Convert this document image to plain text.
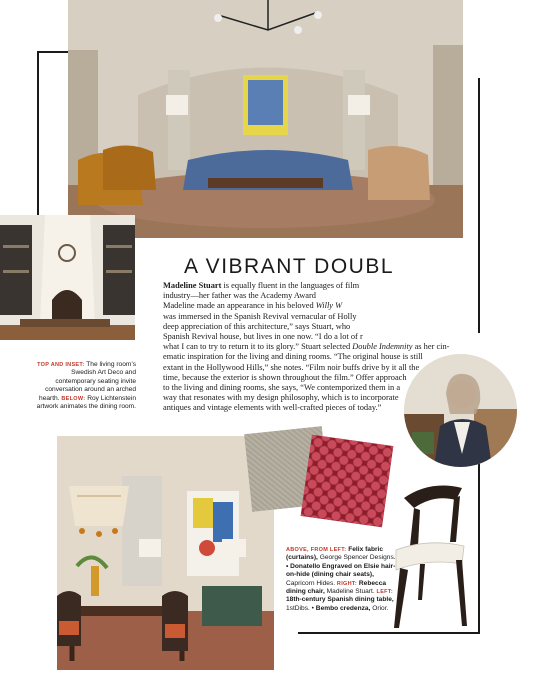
A VIBRANT DOUBL

Madeline Stuart is equally fluent in the languages of film

industry—her father was the Academy Award

Madeline made an appearance in his beloved Willy W

was immersed in the Spanish Revival vernacular of Holly

deep appreciation of this architecture,” says Stuart, who

Spanish Revival house, but lives in one now. “I do a lot of r

what I can to try to return it to its glory.” Stuart selected Double Indemnity as her cin-

ematic inspiration for the living and dining rooms. “The original house is still

extant in the Hollywood Hills,” she notes. “Film noir buffs drive by it all the

time, because the exterior is shown throughout the film.” Offer approach

to the living and dining rooms, she says, “We contemporized them in a

way that resonates with my design philosophy, which is to incorporate

antiques and vintage elements with well-crafted pieces of today.”

TOP AND INSET: The living room’s Swedish Art Deco and contemporary seating invite conversation around an arched hearth. BELOW: Roy Lichtenstein artwork animates the dining room.
ABOVE, FROM LEFT: Felix fabric (curtains), George Spencer Designs. • Donatello Engraved on Elsie hair-on-hide (dining chair seats), Capricorn Hides. RIGHT: Rebecca dining chair, Madeline Stuart. LEFT: 18th-century Spanish dining table, 1stDibs. • Bembo credenza, Orior.
